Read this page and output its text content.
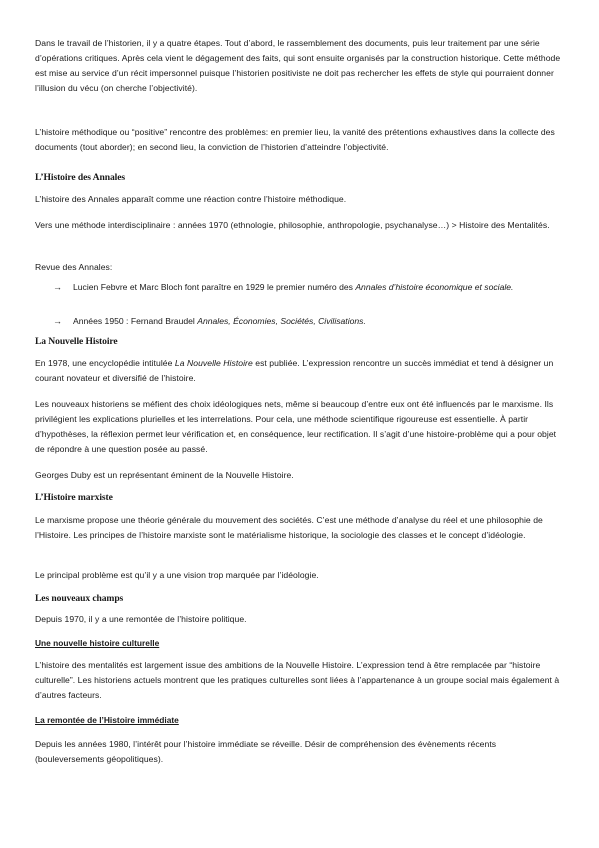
Dans le travail de l’historien, il y a quatre étapes. Tout d’abord, le rassemblement des documents, puis leur traitement par une série d’opérations critiques. Après cela vient le dégagement des faits, qui sont ensuite organisés par la construction historique. Cette méthode est mise au service d’un récit impersonnel puisque l’historien positiviste ne doit pas rechercher les effets de style qui pourraient donner l’illusion du vécu (on cherche l’objectivité).

L’histoire méthodique ou “positive” rencontre des problèmes: en premier lieu, la vanité des prétentions exhaustives dans la collecte des documents (tout aborder); en second lieu, la conviction de l’historien d’atteindre l’objectivité.

L’Histoire des Annales

L’histoire des Annales apparaît comme une réaction contre l’histoire méthodique.

Vers une méthode interdisciplinaire : années 1970 (ethnologie, philosophie, anthropologie, psychanalyse…) > Histoire des Mentalités.

Revue des Annales:

→ Lucien Febvre et Marc Bloch font paraître en 1929 le premier numéro des Annales d’histoire économique et sociale.
→ Années 1950 : Fernand Braudel Annales, Économies, Sociétés, Civilisations.
La Nouvelle Histoire

En 1978, une encyclopédie intitulée La Nouvelle Histoire est publiée. L’expression rencontre un succès immédiat et tend à désigner un courant novateur et diversifié de l’histoire.

Les nouveaux historiens se méfient des choix idéologiques nets, même si beaucoup d’entre eux ont été influencés par le marxisme. Ils privilégient les explications plurielles et les interrelations. Pour cela, une méthode scientifique rigoureuse est essentielle. À partir d’hypothèses, la réflexion permet leur vérification et, en conséquence, leur rectification. Il s’agit d’une histoire-problème qui a pour objet de répondre à une question posée au passé.

Georges Duby est un représentant éminent de la Nouvelle Histoire.

L’Histoire marxiste

Le marxisme propose une théorie générale du mouvement des sociétés. C’est une méthode d’analyse du réel et une philosophie de l’Histoire. Les principes de l’histoire marxiste sont le matérialisme historique, la sociologie des classes et le concept d’idéologie.

Le principal problème est qu’il y a une vision trop marquée par l’idéologie.

Les nouveaux champs

Depuis 1970, il y a une remontée de l’histoire politique.

Une nouvelle histoire culturelle

L’histoire des mentalités est largement issue des ambitions de la Nouvelle Histoire. L’expression tend à être remplacée par “histoire culturelle”. Les historiens actuels montrent que les pratiques culturelles sont liées à l’appartenance à un groupe social mais également à d’autres facteurs.

La remontée de l’Histoire immédiate

Depuis les années 1980, l’intérêt pour l’histoire immédiate se réveille. Désir de compréhension des évènements récents (bouleversements géopolitiques).
